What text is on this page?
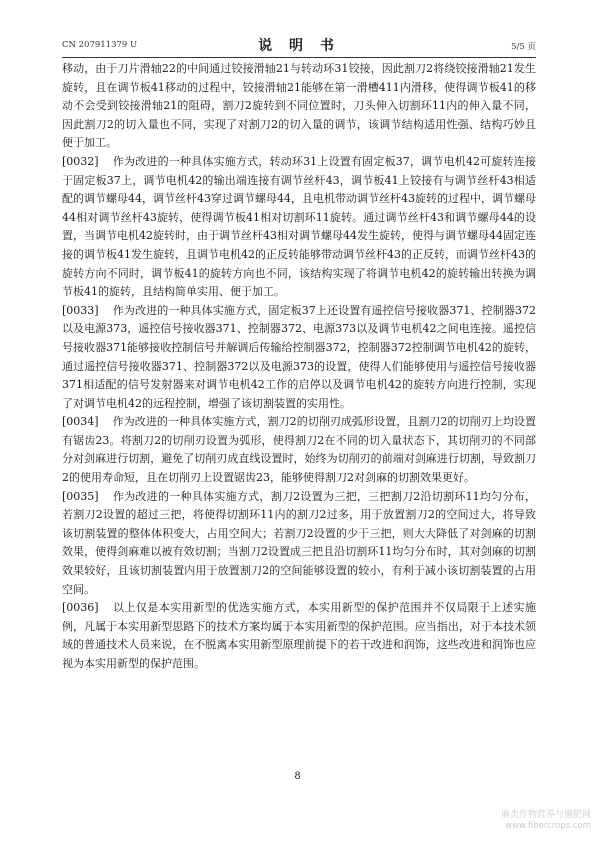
CN 207911379 U	说 明 书	5/5 页

移动，由于刀片滑轴22的中间通过铰接滑轴21与转动环31铰接，因此割刀2将绕铰接滑轴21发生旋转，且在调节板41移动的过程中，铰接滑轴21能够在第一滑槽411内滑移，使得调节板41的移动不会受到铰接滑轴21的阻碍，割刀2旋转到不同位置时，刀头伸入切割环11内的伸入量不同，因此割刀2的切入量也不同，实现了对割刀2的切入量的调节，该调节结构适用性强、结构巧妙且便于加工。

[0032] 作为改进的一种具体实施方式，转动环31上设置有固定板37，调节电机42可旋转连接于固定板37上，调节电机42的输出端连接有调节丝杆43，调节板41上铰接有与调节丝杆43相适配的调节螺母44，调节丝杆43穿过调节螺母44，且电机带动调节丝杆43旋转的过程中，调节螺母44相对调节丝杆43旋转，使得调节板41相对切割环11旋转。通过调节丝杆43和调节螺母44的设置，当调节电机42旋转时，由于调节丝杆43相对调节螺母44发生旋转，使得与调节螺母44固定连接的调节板41发生旋转，且调节电机42的正反转能够带动调节丝杆43的正反转，而调节丝杆43的旋转方向不同时，调节板41的旋转方向也不同，该结构实现了将调节电机42的旋转输出转换为调节板41的旋转，且结构简单实用、便于加工。

[0033] 作为改进的一种具体实施方式，固定板37上还设置有遥控信号接收器371、控制器372以及电源373，遥控信号接收器371、控制器372、电源373以及调节电机42之间电连接。遥控信号接收器371能够接收控制信号并解调后传输给控制器372，控制器372控制调节电机42的旋转，通过遥控信号接收器371、控制器372以及电源373的设置，使得人们能够使用与遥控信号接收器371相适配的信号发射器来对调节电机42工作的启停以及调节电机42的旋转方向进行控制，实现了对调节电机42的远程控制，增强了该切割装置的实用性。

[0034] 作为改进的一种具体实施方式，割刀2的切削刃成弧形设置，且割刀2的切削刃上均设置有锯齿23。将割刀2的切削刃设置为弧形，使得割刀2在不同的切入量状态下，其切削刃的不同部分对剑麻进行切割，避免了切削刃成直线设置时，始终为切削刃的前端对剑麻进行切割，导致割刀2的使用寿命短，且在切削刃上设置锯齿23，能够使得割刀2对剑麻的切割效果更好。

[0035] 作为改进的一种具体实施方式，割刀2设置为三把，三把割刀2沿切割环11均匀分布，若割刀2设置的超过三把，将使得切割环11内的割刀2过多，用于放置割刀2的空间过大，将导致该切割装置的整体体积变大，占用空间大；若割刀2设置的少于三把，则大大降低了对剑麻的切割效果，使得剑麻难以被有效切割；当割刀2设置成三把且沿切割环11均匀分布时，其对剑麻的切割效果较好，且该切割装置内用于放置割刀2的空间能够设置的较小，有利于减小该切割装置的占用空间。

[0036] 以上仅是本实用新型的优选实施方式，本实用新型的保护范围并不仅局限于上述实施例，凡属于本实用新型思路下的技术方案均属于本实用新型的保护范围。应当指出，对于本技术领域的普通技术人员来说，在不脱离本实用新型原理前提下的若干改进和润饰，这些改进和润饰也应视为本实用新型的保护范围。

8
麻类作物营养与施肥网
www.fibercrops.com
